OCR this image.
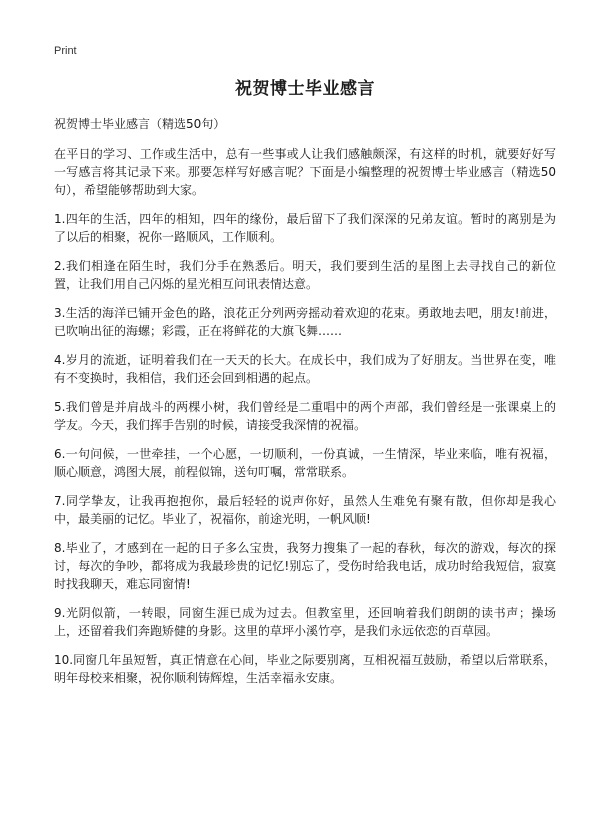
Print
祝贺博士毕业感言

祝贺博士毕业感言（精选50句）

在平日的学习、工作或生活中，总有一些事或人让我们感触颇深，有这样的时机，就要好好写一写感言将其记录下来。那要怎样写好感言呢？下面是小编整理的祝贺博士毕业感言（精选50句），希望能够帮助到大家。

1.四年的生活，四年的相知，四年的缘份，最后留下了我们深深的兄弟友谊。暂时的离别是为了以后的相聚，祝你一路顺风，工作顺利。

2.我们相逢在陌生时，我们分手在熟悉后。明天，我们要到生活的星图上去寻找自己的新位置，让我们用自己闪烁的星光相互问讯表情达意。

3.生活的海洋已铺开金色的路，浪花正分列两旁摇动着欢迎的花束。勇敢地去吧，朋友!前进，已吹响出征的海螺；彩霞，正在将鲜花的大旗飞舞……

4.岁月的流逝，证明着我们在一天天的长大。在成长中，我们成为了好朋友。当世界在变，唯有不变换时，我相信，我们还会回到相遇的起点。

5.我们曾是并肩战斗的两棵小树，我们曾经是二重唱中的两个声部，我们曾经是一张课桌上的学友。今天，我们挥手告别的时候，请接受我深情的祝福。

6.一句问候，一世牵挂，一个心愿，一切顺利，一份真诚，一生情深，毕业来临，唯有祝福，顺心顺意，鸿图大展，前程似锦，送句叮嘱，常常联系。

7.同学挚友，让我再抱抱你，最后轻轻的说声你好，虽然人生难免有聚有散，但你却是我心中，最美丽的记忆。毕业了，祝福你，前途光明，一帆风顺!

8.毕业了，才感到在一起的日子多么宝贵，我努力搜集了一起的春秋，每次的游戏，每次的探讨，每次的争吵，都将成为我最珍贵的记忆!别忘了，受伤时给我电话，成功时给我短信，寂寞时找我聊天，难忘同窗情!

9.光阴似箭，一转眼，同窗生涯已成为过去。但教室里，还回响着我们朗朗的读书声；操场上，还留着我们奔跑矫健的身影。这里的草坪小溪竹亭，是我们永远依恋的百草园。

10.同窗几年虽短暂，真正情意在心间，毕业之际要别离，互相祝福互鼓励，希望以后常联系，明年母校来相聚，祝你顺利铸辉煌，生活幸福永安康。
